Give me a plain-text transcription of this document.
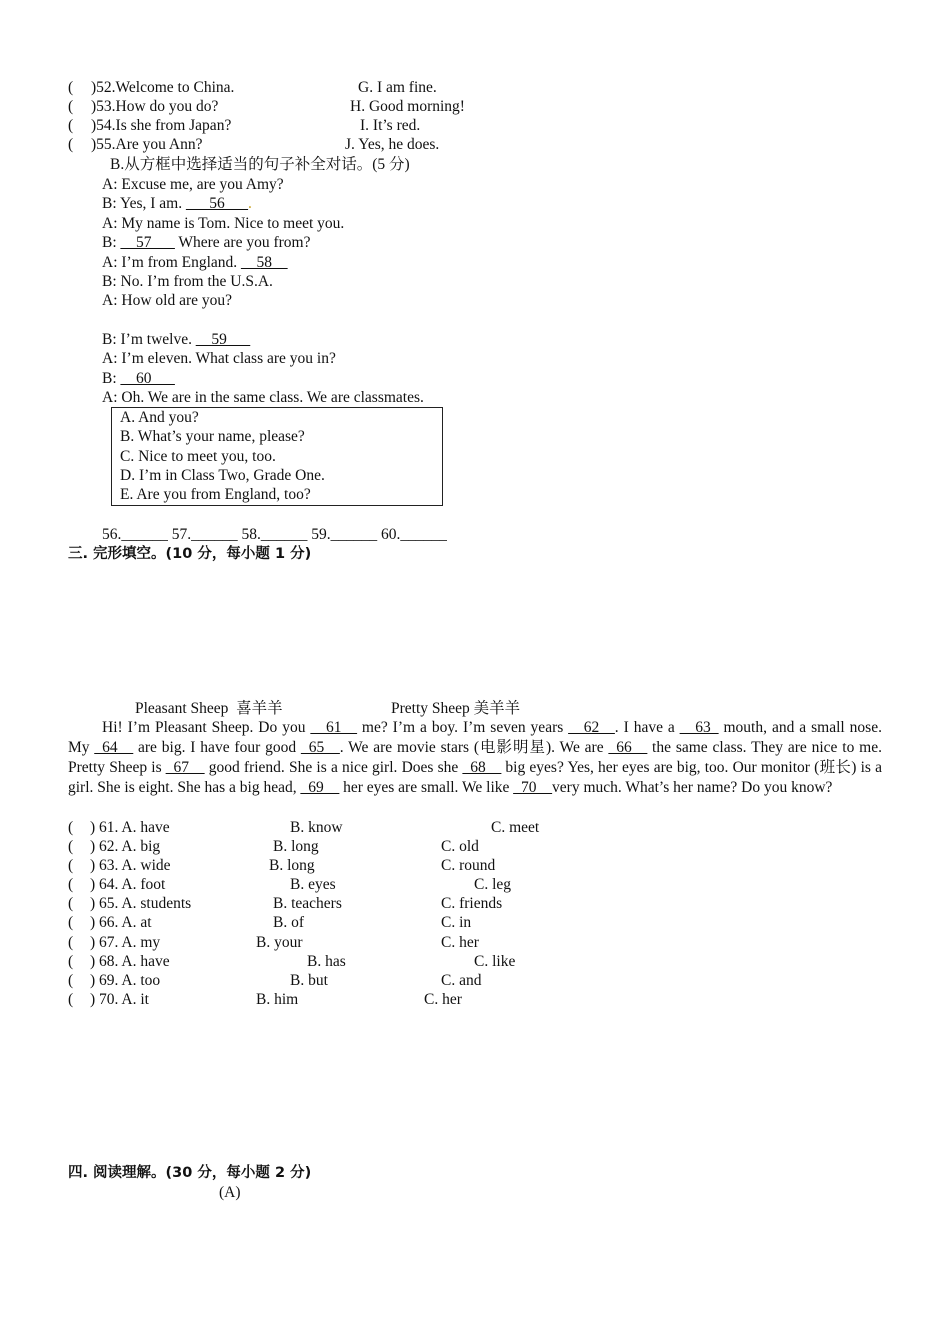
( )52.Welcome to China.	G. I am fine.
( )53.How do you do?	H. Good morning!
( )54.Is she from Japan?	I. It’s red.
( )55.Are you Ann?	J. Yes, he does.
B.从方框中选择适当的句子补全对话。(5 分)
A: Excuse me, are you Amy?
B: Yes, I am. ___56___.
A: My name is Tom. Nice to meet you.
B: __57___ Where are you from?
A: I’m from England. __58__
B: No. I’m from the U.S.A.
A: How old are you?
B: I’m twelve. __59___
A: I’m eleven. What class are you in?
B: __60___
A: Oh. We are in the same class. We are classmates.
A. And you?
B. What’s your name, please?
C. Nice to meet you, too.
D. I’m in Class Two, Grade One.
E. Are you from England, too?
56.______ 57.______ 58.______ 59.______ 60.______
三. 完形填空。(10 分，每小题 1 分)
Pleasant Sheep  喜羊羊	Pretty Sheep 美羊羊
Hi! I’m Pleasant Sheep. Do you __61__ me? I’m a boy. I’m seven years __62__. I have a __63_ mouth, and a small nose. My _64__ are big. I have four good _65__. We are movie stars (电影明星). We are _66__ the same class. They are nice to me. Pretty Sheep is _67__ good friend. She is a nice girl. Does she _68__ big eyes? Yes, her eyes are big, too. Our monitor (班长) is a girl. She is eight. She has a big head, _69__ her eyes are small. We like _70__very much. What’s her name? Do you know?
( ) 61. A. have	B. know	C. meet
( ) 62. A. big	B. long	C. old
( ) 63. A. wide	B. long	C. round
( ) 64. A. foot	B. eyes	C. leg
( ) 65. A. students	B. teachers	C. friends
( ) 66. A. at	B. of	C. in
( ) 67. A. my	B. your	C. her
( ) 68. A. have	B. has	C. like
( ) 69. A. too	B. but	C. and
( ) 70. A. it	B. him	C. her
四. 阅读理解。(30 分，每小题 2 分)
(A)
